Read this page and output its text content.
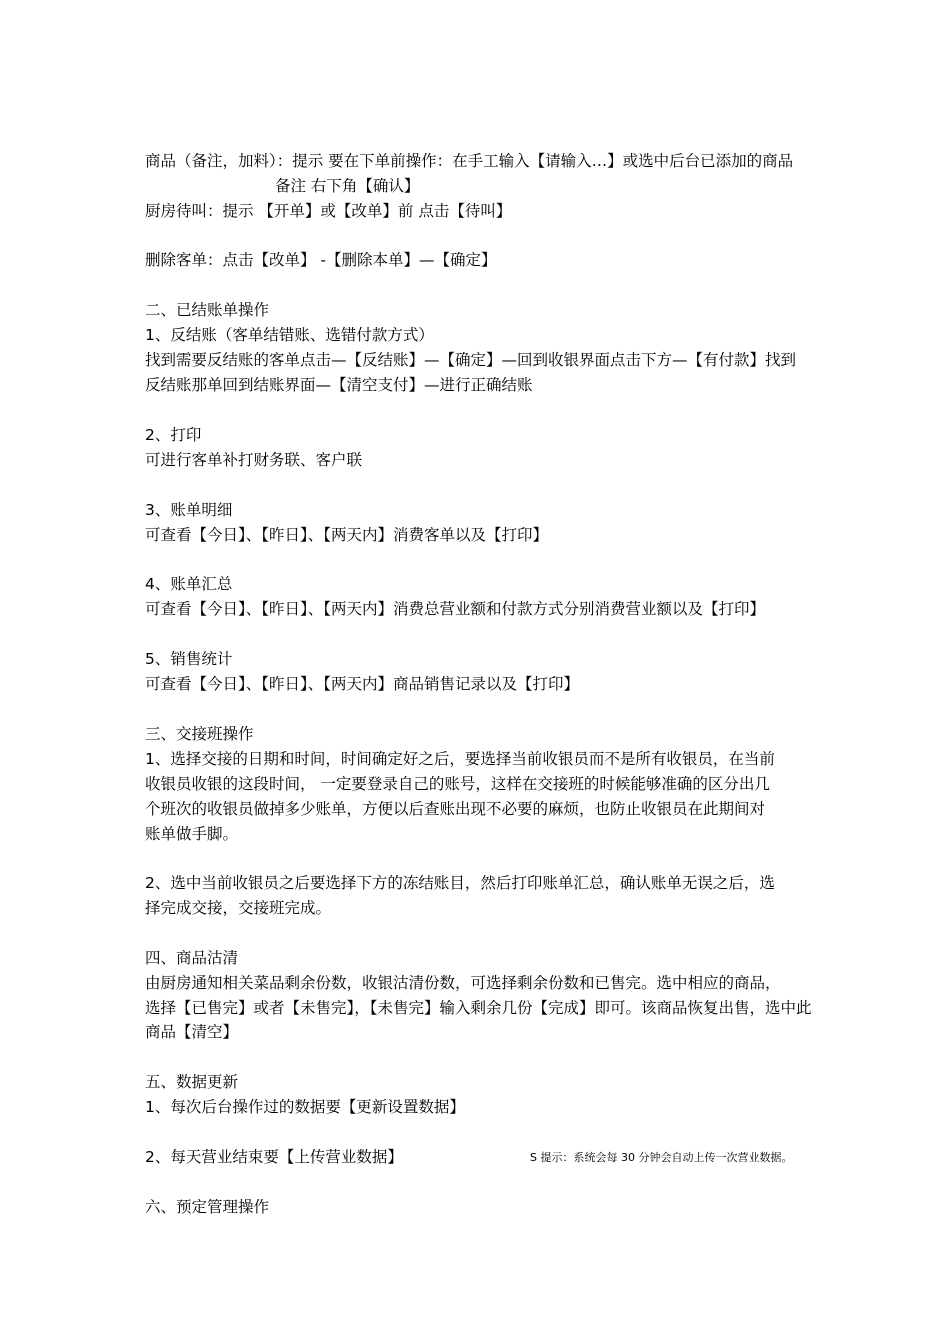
商品（备注，加料）：提示 要在下单前操作：在手工输入【请输入…】或选中后台已添加的商品
备注 右下角【确认】
厨房待叫：提示 【开单】或【改单】前 点击【待叫】
删除客单：点击【改单】 -【删除本单】—【确定】
二、已结账单操作
1、反结账（客单结错账、选错付款方式）
找到需要反结账的客单点击—【反结账】—【确定】—回到收银界面点击下方—【有付款】找到
反结账那单回到结账界面—【清空支付】—进行正确结账
2、打印
可进行客单补打财务联、客户联
3、账单明细
可查看【今日】、【昨日】、【两天内】消费客单以及【打印】
4、账单汇总
可查看【今日】、【昨日】、【两天内】消费总营业额和付款方式分别消费营业额以及【打印】
5、销售统计
可查看【今日】、【昨日】、【两天内】商品销售记录以及【打印】
三、交接班操作
1、选择交接的日期和时间，时间确定好之后，要选择当前收银员而不是所有收银员，在当前
收银员收银的这段时间， 一定要登录自己的账号，这样在交接班的时候能够准确的区分出几
个班次的收银员做掉多少账单，方便以后查账出现不必要的麻烦，也防止收银员在此期间对
账单做手脚。
2、选中当前收银员之后要选择下方的冻结账目，然后打印账单汇总，确认账单无误之后，选
择完成交接，交接班完成。
四、商品沽清
由厨房通知相关菜品剩余份数，收银沽清份数，可选择剩余份数和已售完。选中相应的商品，
选择【已售完】或者【未售完】，【未售完】输入剩余几份【完成】即可。该商品恢复出售，选中此
商品【清空】
五、数据更新
1、每次后台操作过的数据要【更新设置数据】
2、每天营业结束要【上传营业数据】	S 提示：系统会每 30 分钟会自动上传一次营业数据。
六、预定管理操作
